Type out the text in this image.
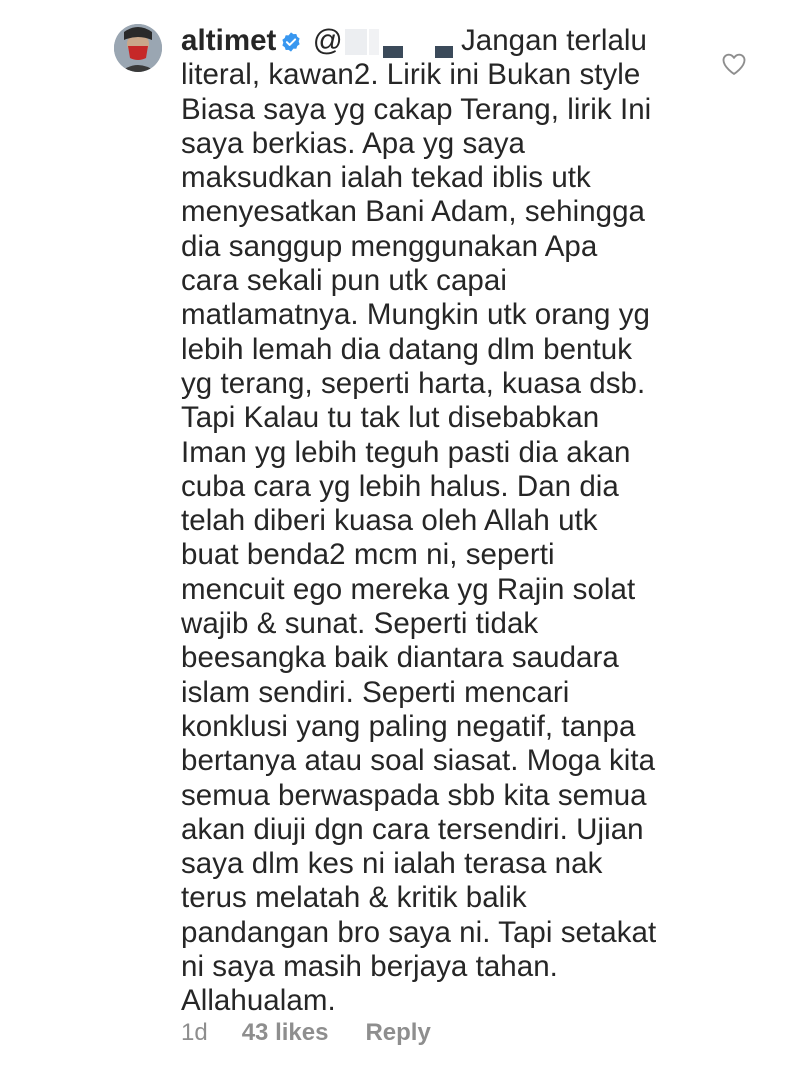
altimet @	Jangan terlalu
literal, kawan2. Lirik ini Bukan style
Biasa saya yg cakap Terang, lirik Ini
saya berkias. Apa yg saya
maksudkan ialah tekad iblis utk
menyesatkan Bani Adam, sehingga
dia sanggup menggunakan Apa
cara sekali pun utk capai
matlamatnya. Mungkin utk orang yg
lebih lemah dia datang dlm bentuk
yg terang, seperti harta, kuasa dsb.
Tapi Kalau tu tak lut disebabkan
Iman yg lebih teguh pasti dia akan
cuba cara yg lebih halus. Dan dia
telah diberi kuasa oleh Allah utk
buat benda2 mcm ni, seperti
mencuit ego mereka yg Rajin solat
wajib & sunat. Seperti tidak
beesangka baik diantara saudara
islam sendiri. Seperti mencari
konklusi yang paling negatif, tanpa
bertanya atau soal siasat. Moga kita
semua berwaspada sbb kita semua
akan diuji dgn cara tersendiri. Ujian
saya dlm kes ni ialah terasa nak
terus melatah & kritik balik
pandangan bro saya ni. Tapi setakat
ni saya masih berjaya tahan.
Allahualam.
1d 43 likes Reply
